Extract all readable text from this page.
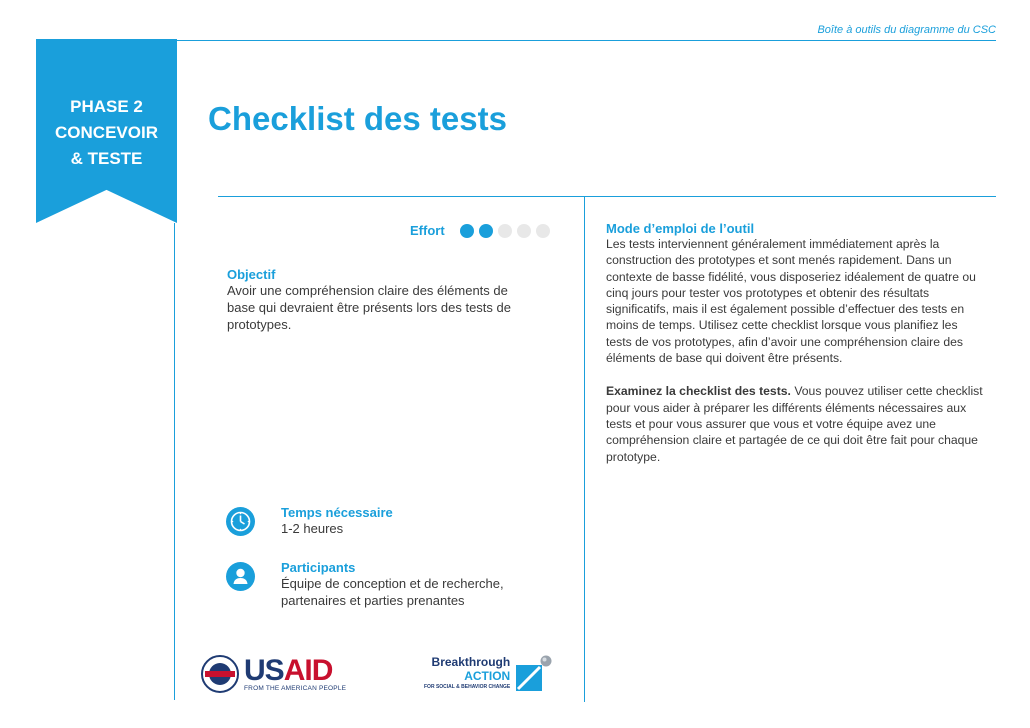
Boîte à outils du diagramme du CSC
PHASE 2
CONCEVOIR
& TESTE
Checklist des tests
Effort
Objectif
Avoir une compréhension claire des éléments de base qui devraient être présents lors des tests de prototypes.
Temps nécessaire
1-2 heures
Participants
Équipe de conception et de recherche, partenaires et parties prenantes
Mode d’emploi de l’outil
Les tests interviennent généralement immédiatement après la construction des prototypes et sont menés rapidement. Dans un contexte de basse fidélité, vous disposeriez idéalement de quatre ou cinq jours pour tester vos prototypes et obtenir des résultats significatifs, mais il est également possible d’effectuer des tests en moins de temps. Utilisez cette checklist lorsque vous planifiez les tests de vos prototypes, afin d’avoir une compréhension claire des éléments de base qui doivent être présents.
Examinez la checklist des tests. Vous pouvez utiliser cette checklist pour vous aider à préparer les différents éléments nécessaires aux tests et pour vous assurer que vous et votre équipe avez une compréhension claire et partagée de ce qui doit être fait pour chaque prototype.
USAID
FROM THE AMERICAN PEOPLE
Breakthrough
ACTION
FOR SOCIAL & BEHAVIOR CHANGE
